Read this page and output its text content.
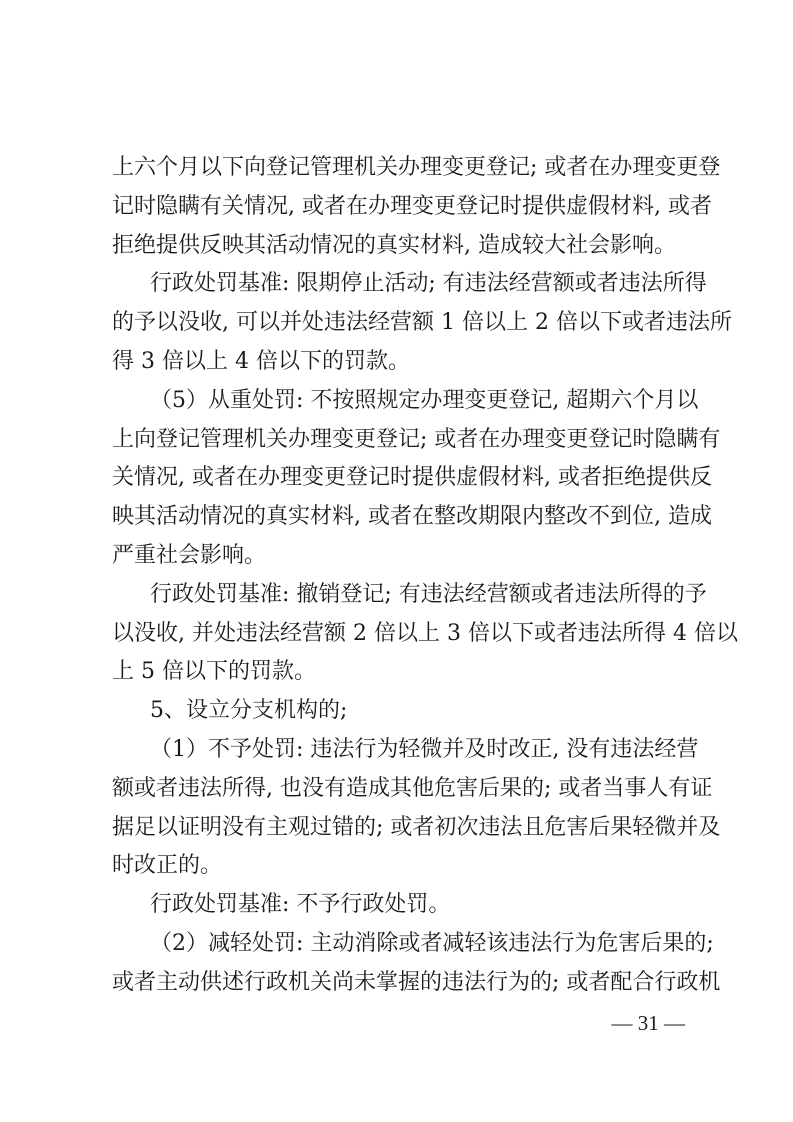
上六个月以下向登记管理机关办理变更登记; 或者在办理变更登
记时隐瞒有关情况, 或者在办理变更登记时提供虚假材料, 或者
拒绝提供反映其活动情况的真实材料, 造成较大社会影响。
行政处罚基准: 限期停止活动; 有违法经营额或者违法所得
的予以没收, 可以并处违法经营额 1 倍以上 2 倍以下或者违法所
得 3 倍以上 4 倍以下的罚款。
（5）从重处罚: 不按照规定办理变更登记, 超期六个月以
上向登记管理机关办理变更登记; 或者在办理变更登记时隐瞒有
关情况, 或者在办理变更登记时提供虚假材料, 或者拒绝提供反
映其活动情况的真实材料, 或者在整改期限内整改不到位, 造成
严重社会影响。
行政处罚基准: 撤销登记; 有违法经营额或者违法所得的予
以没收, 并处违法经营额 2 倍以上 3 倍以下或者违法所得 4 倍以
上 5 倍以下的罚款。
5、设立分支机构的;
（1）不予处罚: 违法行为轻微并及时改正, 没有违法经营
额或者违法所得, 也没有造成其他危害后果的; 或者当事人有证
据足以证明没有主观过错的; 或者初次违法且危害后果轻微并及
时改正的。
行政处罚基准: 不予行政处罚。
（2）减轻处罚: 主动消除或者减轻该违法行为危害后果的;
或者主动供述行政机关尚未掌握的违法行为的; 或者配合行政机
— 31 —
